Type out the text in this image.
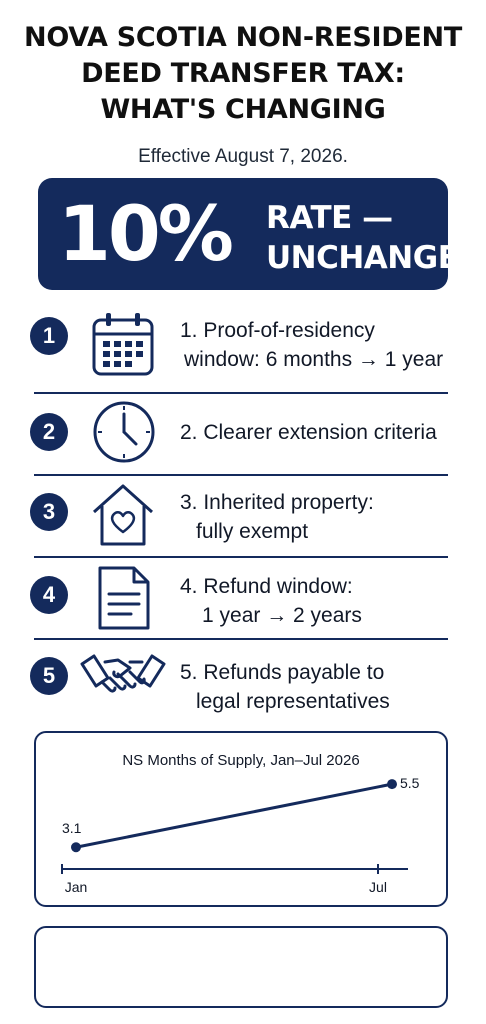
NOVA SCOTIA NON-RESIDENT
DEED TRANSFER TAX:
WHAT'S CHANGING
Effective August 7, 2026.
10% RATE —
UNCHANGED
1	1. Proof-of-residency
window: 6 months → 1 year
2	2. Clearer extension criteria
3	3. Inherited property:
fully exempt
4	4. Refund window:
1 year → 2 years
5	5. Refunds payable to
legal representatives
NS Months of Supply, Jan–Jul 2026
3.1
Jan
5.5
Jul
